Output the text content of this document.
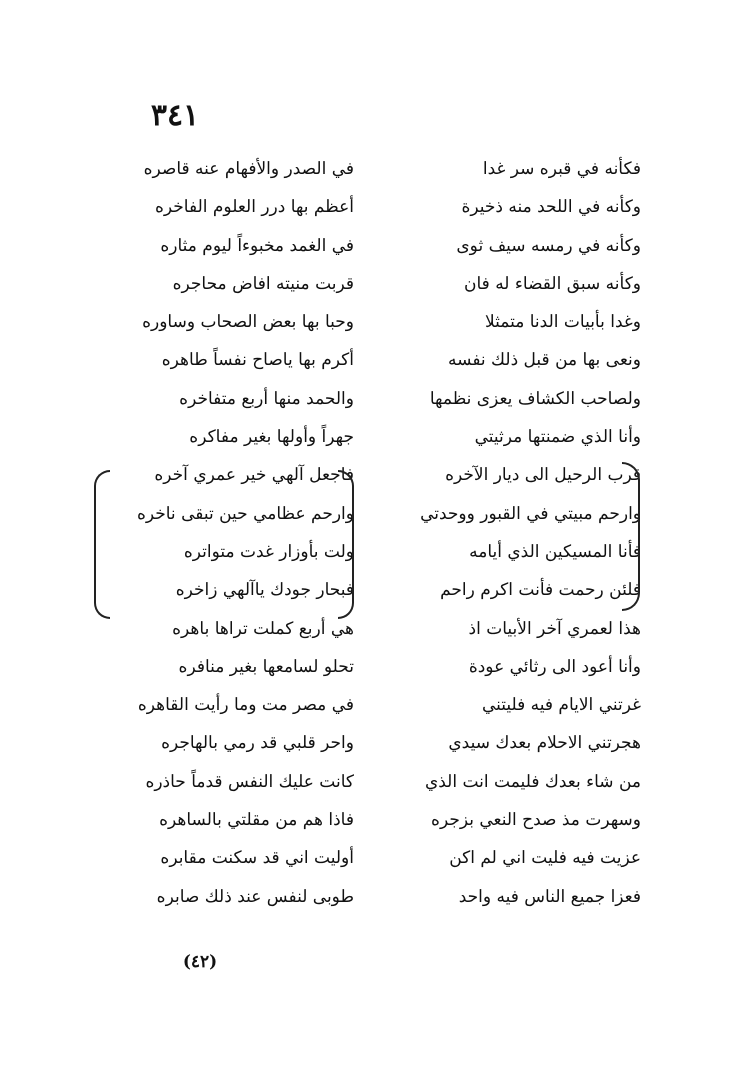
٣٤١
فكأنه في قبره سر غدا
وكأنه في اللحد منه ذخيرة
وكأنه في رمسه سيف ثوى
وكأنه سبق القضاء له فان
وغدا بأبيات الدنا متمثلا
ونعى بها من قبل ذلك نفسه
ولصاحب الكشاف يعزى نظمها
وأنا الذي ضمنتها مرثيتي
قرب الرحيل الى ديار الآخره
وارحم مبيتي في القبور ووحدتي
فأنا المسيكين الذي أيامه
فلئن رحمت فأنت اكرم راحم
هذا لعمري آخر الأبيات اذ
وأنا أعود الى رثائي عودة
غرتني الايام فيه فليتني
هجرتني الاحلام بعدك سيدي
من شاء بعدك فليمت انت الذي
وسهرت مذ صدح النعي بزجره
عزيت فيه فليت اني لم اكن
فعزا جميع الناس فيه واحد
في الصدر والأفهام عنه قاصره
أعظم بها درر العلوم الفاخره
في الغمد مخبوءاً ليوم مثاره
قربت منيته افاض محاجره
وحبا بها بعض الصحاب وساوره
أكرم بها ياصاح نفساً طاهره
والحمد منها أربع متفاخره
جهراً وأولها بغير مفاكره
فاجعل آلهي خير عمري آخره
وارحم عظامي حين تبقى ناخره
ولت بأوزار غدت متواتره
فبحار جودك ياآلهي زاخره
هي أربع كملت تراها باهره
تحلو لسامعها بغير منافره
في مصر مت وما رأيت القاهره
واحر قلبي قد رمي بالهاجره
كانت عليك النفس قدماً حاذره
فاذا هم من مقلتي بالساهره
أوليت اني قد سكنت مقابره
طوبى لنفس عند ذلك صابره
(٤٢)
